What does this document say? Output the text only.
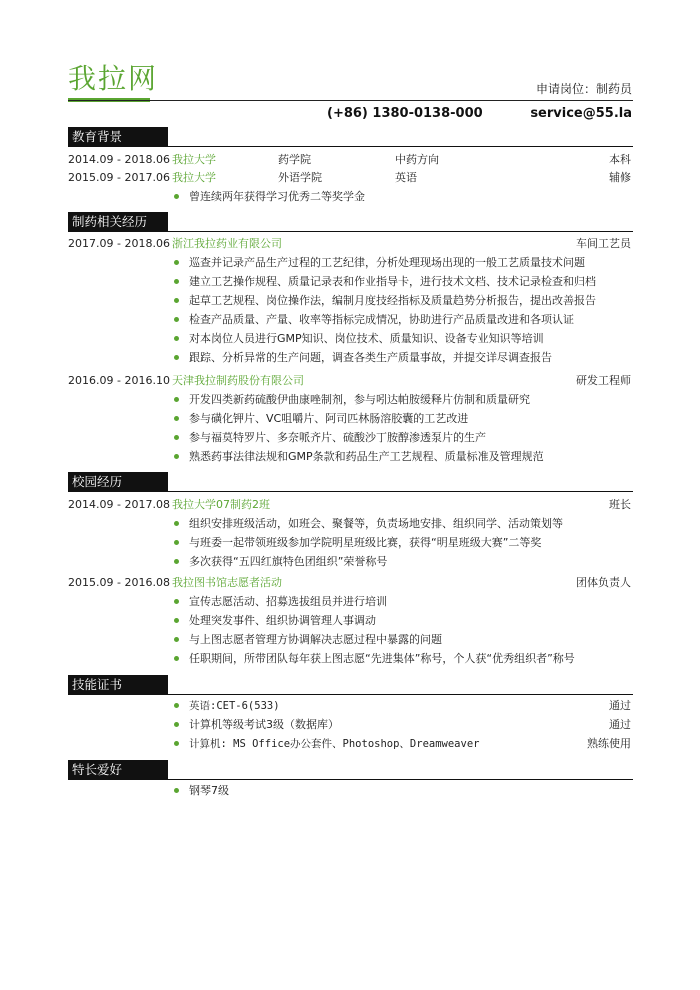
我拉网	申请岗位：制药员
(+86) 1380-0138-000	service@55.la
教育背景
2014.09 - 2018.06 我拉大学	药学院	中药方向	本科
2015.09 - 2017.06 我拉大学	外语学院	英语	辅修
曾连续两年获得学习优秀二等奖学金
制药相关经历
2017.09 - 2018.06 浙江我拉药业有限公司	车间工艺员
巡查并记录产品生产过程的工艺纪律，分析处理现场出现的一般工艺质量技术问题
建立工艺操作规程、质量记录表和作业指导卡，进行技术文档、技术记录检查和归档
起草工艺规程、岗位操作法，编制月度技经指标及质量趋势分析报告，提出改善报告
检查产品质量、产量、收率等指标完成情况，协助进行产品质量改进和各项认证
对本岗位人员进行GMP知识、岗位技术、质量知识、设备专业知识等培训
跟踪、分析异常的生产问题，调查各类生产质量事故，并提交详尽调查报告
2016.09 - 2016.10 天津我拉制药股份有限公司	研发工程师
开发四类新药硫酸伊曲康唑制剂，参与吲达帕胺缓释片仿制和质量研究
参与磺化钾片、VC咀嚼片、阿司匹林肠溶胶囊的工艺改进
参与福莫特罗片、多奈哌齐片、硫酸沙丁胺醇渗透泵片的生产
熟悉药事法律法规和GMP条款和药品生产工艺规程、质量标准及管理规范
校园经历
2014.09 - 2017.08 我拉大学07制药2班	班长
组织安排班级活动，如班会、聚餐等，负责场地安排、组织同学、活动策划等
与班委一起带领班级参加学院明星班级比赛，获得“明星班级大赛”二等奖
多次获得“五四红旗特色团组织”荣誉称号
2015.09 - 2016.08 我拉图书馆志愿者活动	团体负责人
宣传志愿活动、招募选拔组员并进行培训
处理突发事件、组织协调管理人事调动
与上图志愿者管理方协调解决志愿过程中暴露的问题
任职期间，所带团队每年获上图志愿“先进集体”称号，个人获“优秀组织者”称号
技能证书
英语:CET-6(533)	通过
计算机等级考试3级（数据库）	通过
计算机: MS Office办公套件、Photoshop、Dreamweaver	熟练使用
特长爱好
钢琴7级
